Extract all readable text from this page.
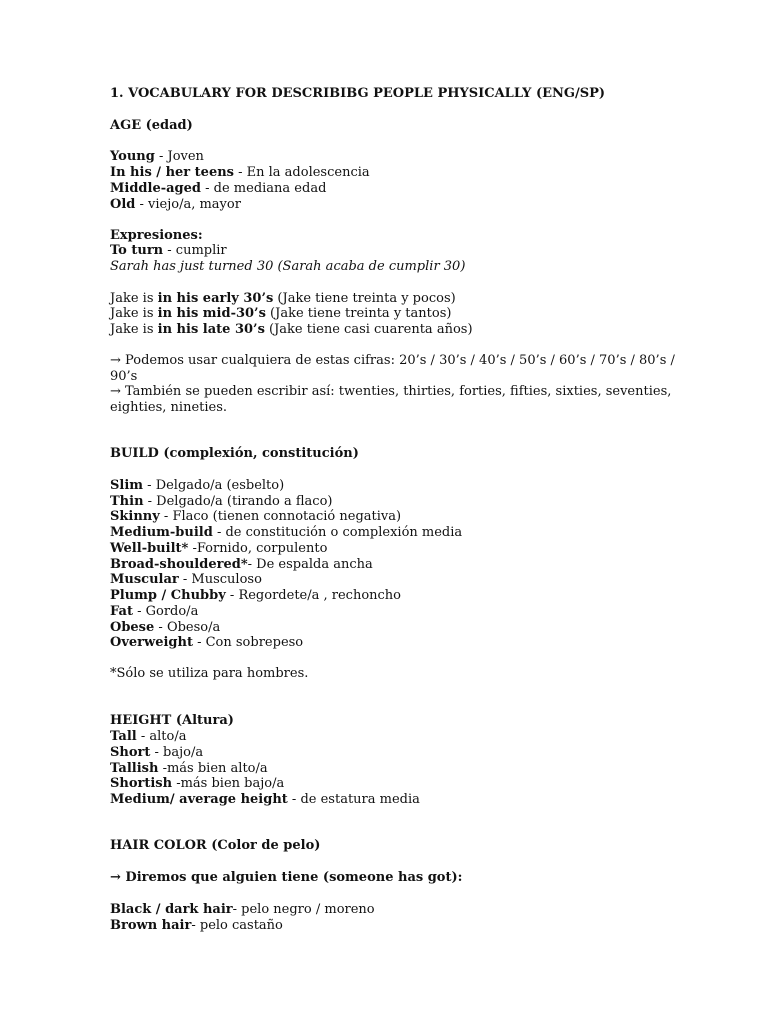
1. VOCABULARY FOR DESCRIBIBG PEOPLE PHYSICALLY (ENG/SP)
AGE (edad)
Young - Joven
In his / her teens - En la adolescencia
Middle-aged - de mediana edad
Old - viejo/a, mayor
Expresiones:
To turn - cumplir
Sarah has just turned 30 (Sarah acaba de cumplir 30)
Jake is in his early 30’s (Jake tiene treinta y pocos)
Jake is in his mid-30’s (Jake tiene treinta y tantos)
Jake is in his late 30’s (Jake tiene casi cuarenta años)
→ Podemos usar cualquiera de estas cifras: 20’s / 30’s / 40’s / 50’s / 60’s / 70’s / 80’s /
90’s
→ También se pueden escribir así: twenties, thirties, forties, fifties, sixties, seventies,
eighties, nineties.
BUILD (complexión, constitución)
Slim - Delgado/a (esbelto)
Thin - Delgado/a (tirando a flaco)
Skinny - Flaco (tienen connotació negativa)
Medium-build - de constitución o complexión media
Well-built* -Fornido, corpulento
Broad-shouldered*- De espalda ancha
Muscular - Musculoso
Plump / Chubby - Regordete/a , rechoncho
Fat - Gordo/a
Obese - Obeso/a
Overweight - Con sobrepeso
*Sólo se utiliza para hombres.
HEIGHT (Altura)
Tall - alto/a
Short - bajo/a
Tallish -más bien alto/a
Shortish -más bien bajo/a
Medium/ average height - de estatura media
HAIR COLOR (Color de pelo)
→ Diremos que alguien tiene (someone has got):
Black / dark hair- pelo negro / moreno
Brown hair- pelo castaño
